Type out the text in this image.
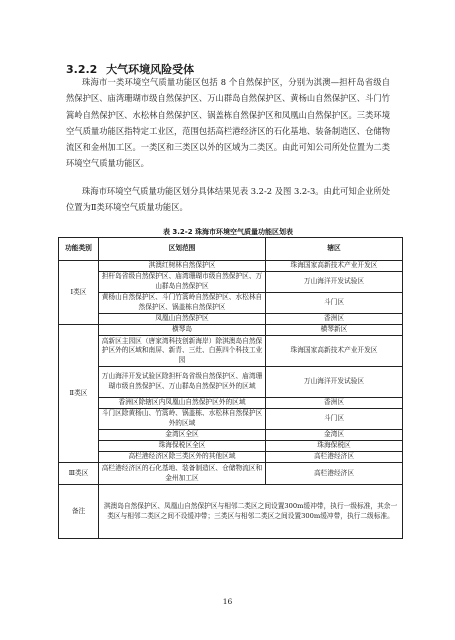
3.2.2 大气环境风险受体

珠海市一类环境空气质量功能区包括 8 个自然保护区，分别为淇澳—担杆岛省级自然保护区、庙湾珊瑚市级自然保护区、万山群岛自然保护区、黄杨山自然保护区、斗门竹篙岭自然保护区、水松林自然保护区、锅盖栋自然保护区和凤凰山自然保护区。三类环境空气质量功能区指特定工业区，范围包括高栏港经济区的石化基地、装备制造区、仓储物流区和金州加工区。一类区和三类区以外的区域为二类区。由此可知公司所处位置为二类环境空气质量功能区。

珠海市环境空气质量功能区划分具体结果见表 3.2-2 及图 3.2-3。由此可知企业所处位置为Ⅱ类环境空气质量功能区。

表 3.2-2 珠海市环境空气质量功能区划表
功能类别	区划范围	辖区
Ⅰ类区	淇澳红树林自然保护区	珠海国家高新技术产业开发区
	担杆岛省级自然保护区、庙湾珊瑚市级自然保护区、万山群岛自然保护区	万山海洋开发试验区
	黄杨山自然保护区、斗门竹篙岭自然保护区、水松林自然保护区、锅盖栋自然保护区	斗门区
	凤凰山自然保护区	香洲区
Ⅱ类区	横琴岛	横琴新区
	高新区主园区（唐家湾科技创新海岸）除淇澳岛自然保护区外的区域和南屏、新青、三灶、白蕉四个科技工业园	珠海国家高新技术产业开发区
	万山海洋开发试验区除担杆岛省级自然保护区、庙湾珊瑚市级自然保护区、万山群岛自然保护区外的区域	万山海洋开发试验区
	香洲区除辖区内凤凰山自然保护区外的区域	香洲区
	斗门区除黄杨山、竹篙岭、锅盖栋、水松林自然保护区外的区域	斗门区
	金湾区全区	金湾区
	珠海保税区全区	珠海保税区
	高栏港经济区除三类区外的其他区域	高栏港经济区
Ⅲ类区	高栏港经济区的石化基地、装备制造区、仓储物流区和金州加工区	高栏港经济区
备注	淇澳岛自然保护区、凤凰山自然保护区与相邻二类区之间设置300m缓冲带，执行一级标准，其余一类区与相邻二类区之间不设缓冲带；三类区与相邻二类区之间设置300m缓冲带，执行二级标准。	
16
